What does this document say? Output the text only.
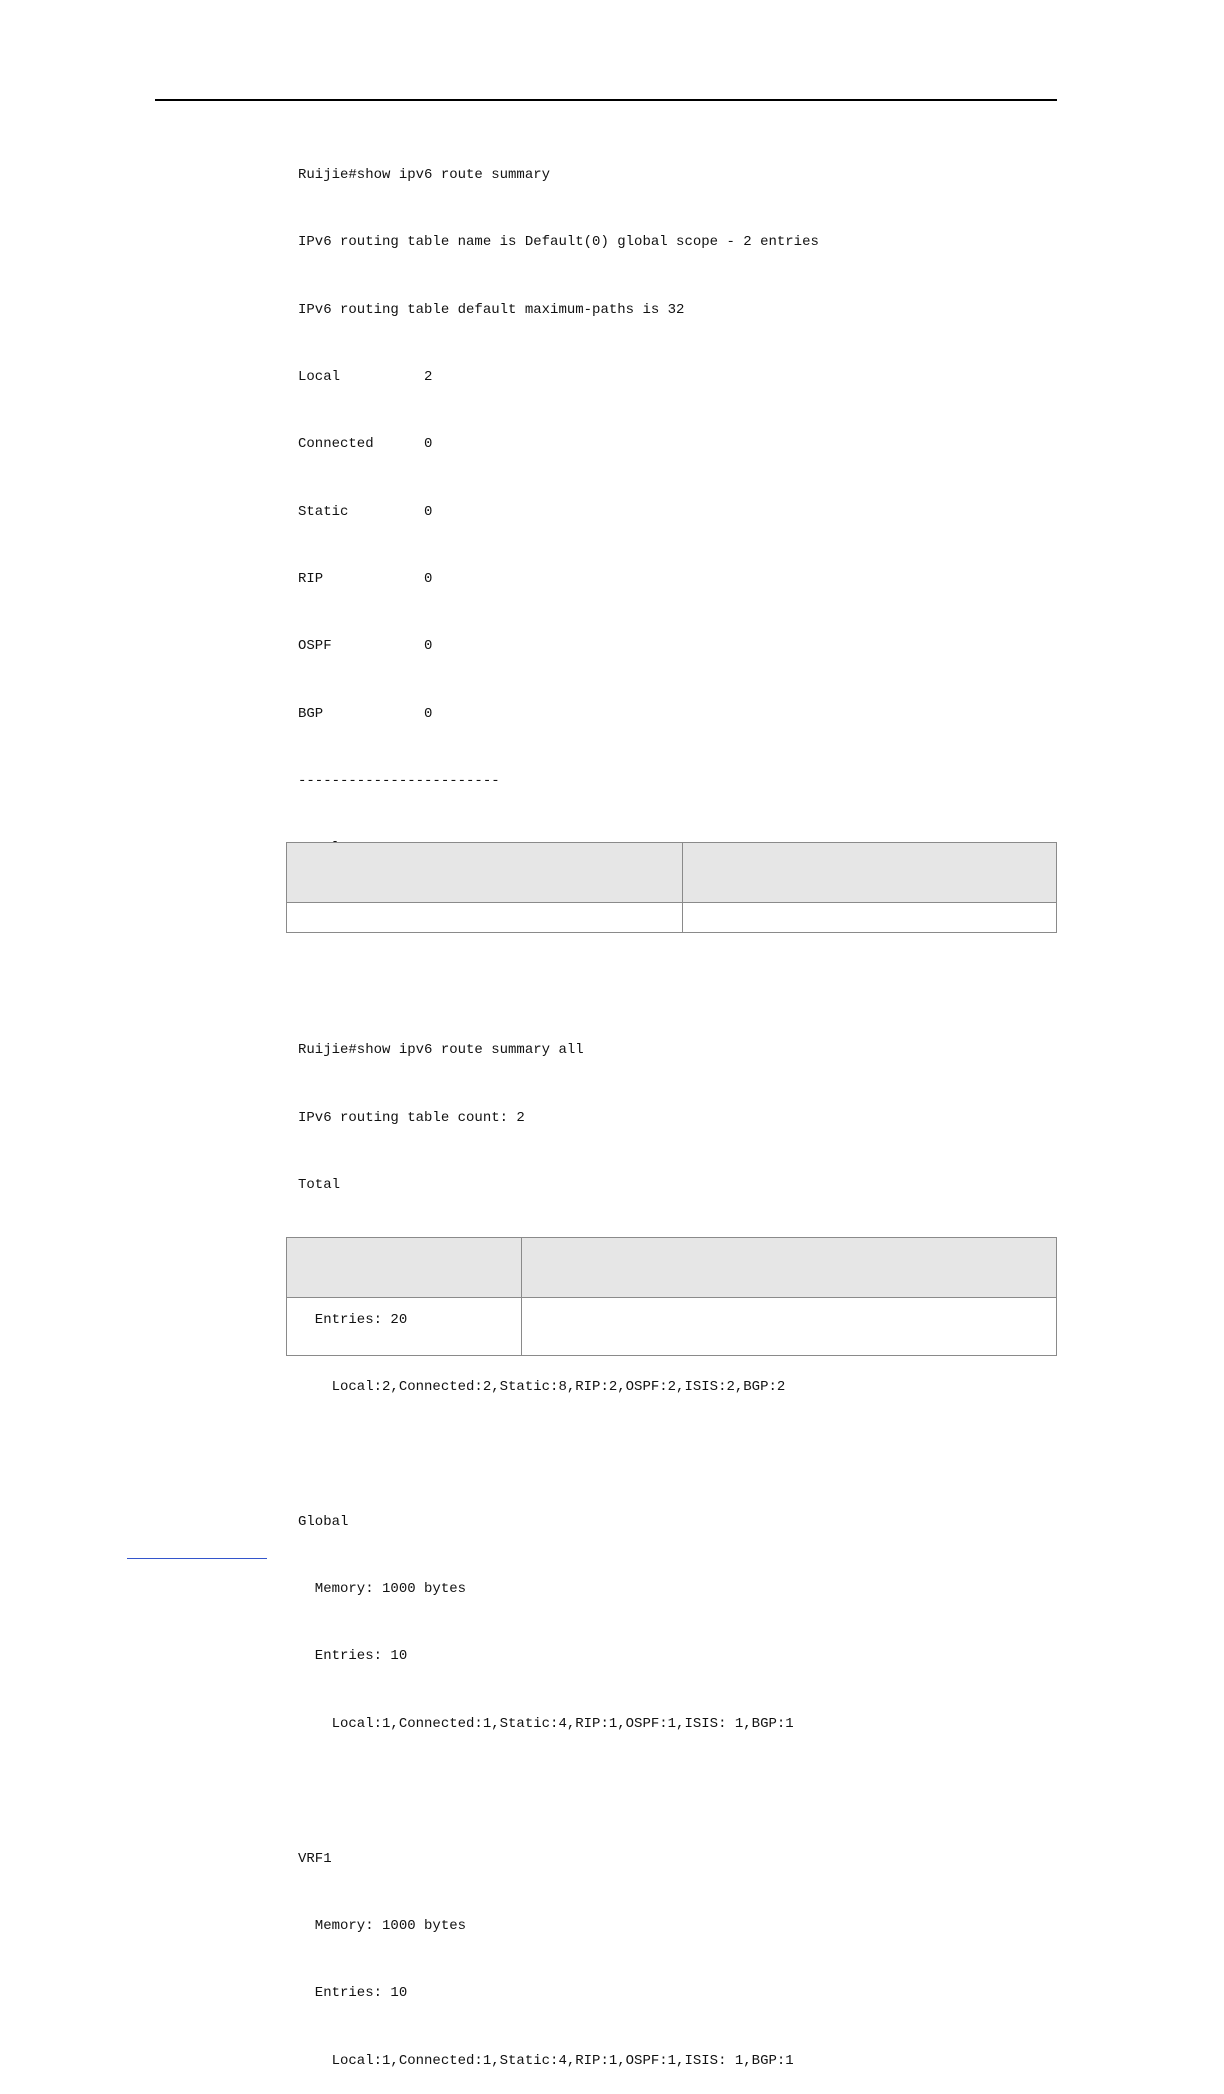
Ruijie#show ipv6 route summary

IPv6 routing table name is Default(0) global scope - 2 entries

IPv6 routing table default maximum-paths is 32

Local          2

Connected      0

Static         0

RIP            0

OSPF           0

BGP            0

------------------------

Ruijie#show ipv6 route summary all

IPv6 routing table count: 2

Total

Entries: 20

Local:2,Connected:2,Static:8,RIP:2,OSPF:2,ISIS:2,BGP:2

Global

Memory: 1000 bytes

Entries: 10

Local:1,Connected:1,Static:4,RIP:1,OSPF:1,ISIS: 1,BGP:1

VRF1

Memory: 1000 bytes

Entries: 10

Local:1,Connected:1,Static:4,RIP:1,OSPF:1,ISIS: 1,BGP:1
